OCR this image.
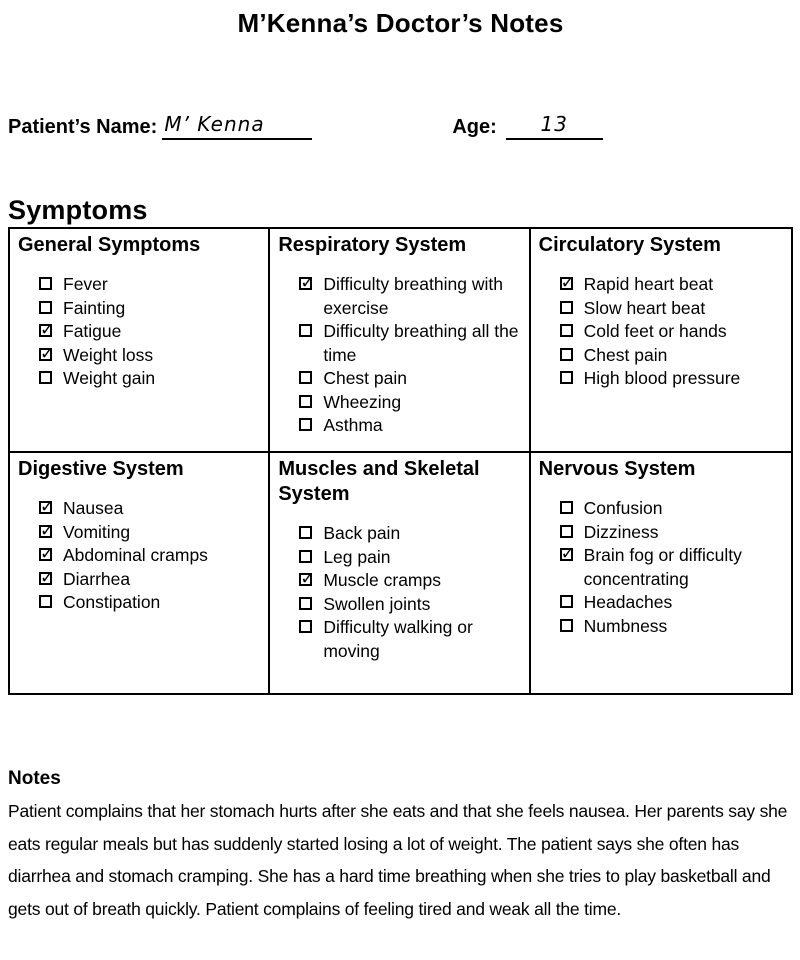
M’Kenna’s Doctor’s Notes
Patient’s Name: M’ Kenna	Age:	13
Symptoms
General Symptoms
Fever
Fainting
✓ Fatigue
✓ Weight loss
Weight gain
Respiratory System
✓ Difficulty breathing with exercise
Difficulty breathing all the time
Chest pain
Wheezing
Asthma
Circulatory System
✓ Rapid heart beat
Slow heart beat
Cold feet or hands
Chest pain
High blood pressure
Digestive System
✓ Nausea
✓ Vomiting
✓ Abdominal cramps
✓ Diarrhea
Constipation
Muscles and Skeletal System
Back pain
Leg pain
✓ Muscle cramps
Swollen joints
Difficulty walking or moving
Nervous System
Confusion
Dizziness
✓ Brain fog or difficulty concentrating
Headaches
Numbness
Notes

Patient complains that her stomach hurts after she eats and that she feels nausea. Her parents say she eats regular meals but has suddenly started losing a lot of weight. The patient says she often has diarrhea and stomach cramping. She has a hard time breathing when she tries to play basketball and gets out of breath quickly. Patient complains of feeling tired and weak all the time.
